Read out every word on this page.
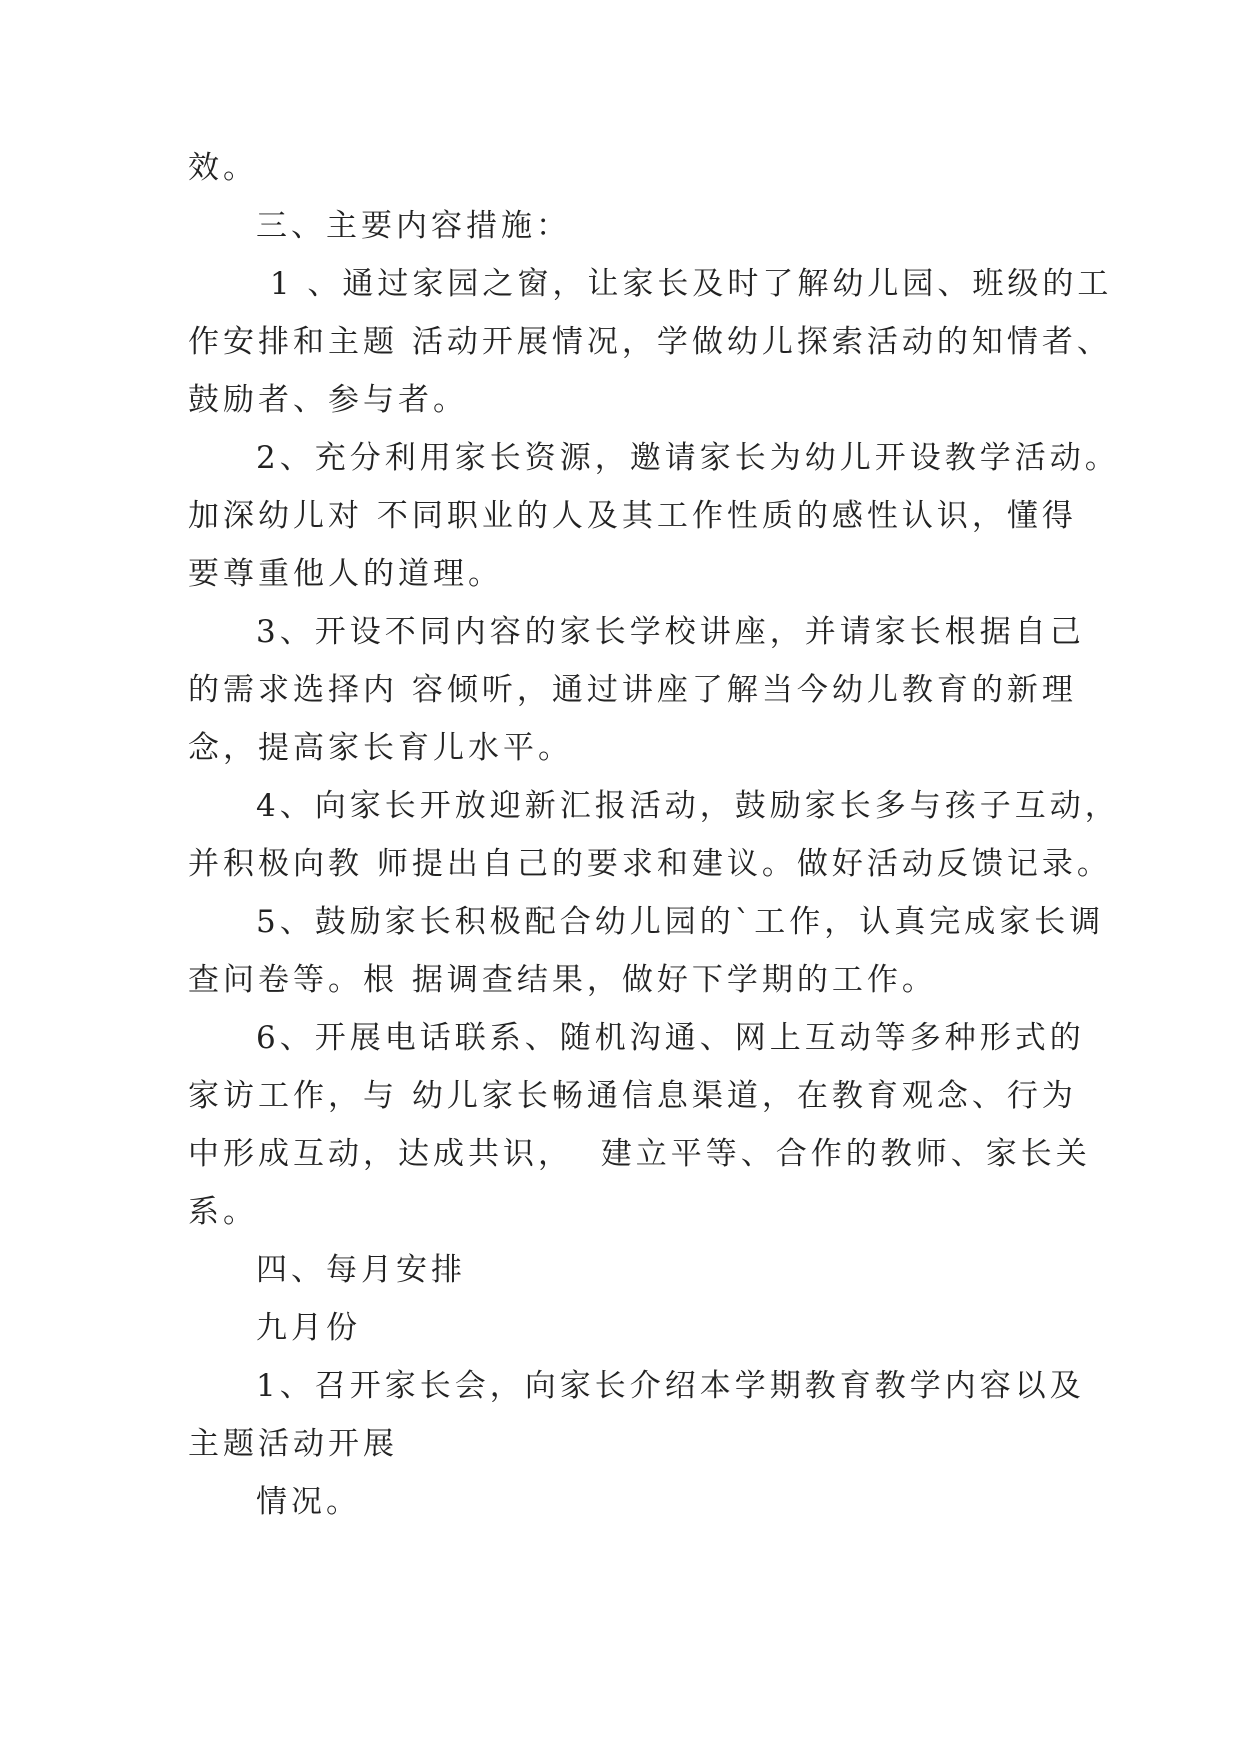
效。
三、主要内容措施：
1 、通过家园之窗，让家长及时了解幼儿园、班级的工
作安排和主题 活动开展情况，学做幼儿探索活动的知情者、
鼓励者、参与者。
2、充分利用家长资源，邀请家长为幼儿开设教学活动。
加深幼儿对 不同职业的人及其工作性质的感性认识，懂得
要尊重他人的道理。
3、开设不同内容的家长学校讲座，并请家长根据自己
的需求选择内 容倾听，通过讲座了解当今幼儿教育的新理
念，提高家长育儿水平。
4、向家长开放迎新汇报活动，鼓励家长多与孩子互动，
并积极向教 师提出自己的要求和建议。做好活动反馈记录。
5、鼓励家长积极配合幼儿园的`工作，认真完成家长调
查问卷等。根 据调查结果，做好下学期的工作。
6、开展电话联系、随机沟通、网上互动等多种形式的
家访工作，与 幼儿家长畅通信息渠道，在教育观念、行为
中形成互动，达成共识，  建立平等、合作的教师、家长关
系。
四、每月安排
九月份
1、召开家长会，向家长介绍本学期教育教学内容以及
主题活动开展
情况。
